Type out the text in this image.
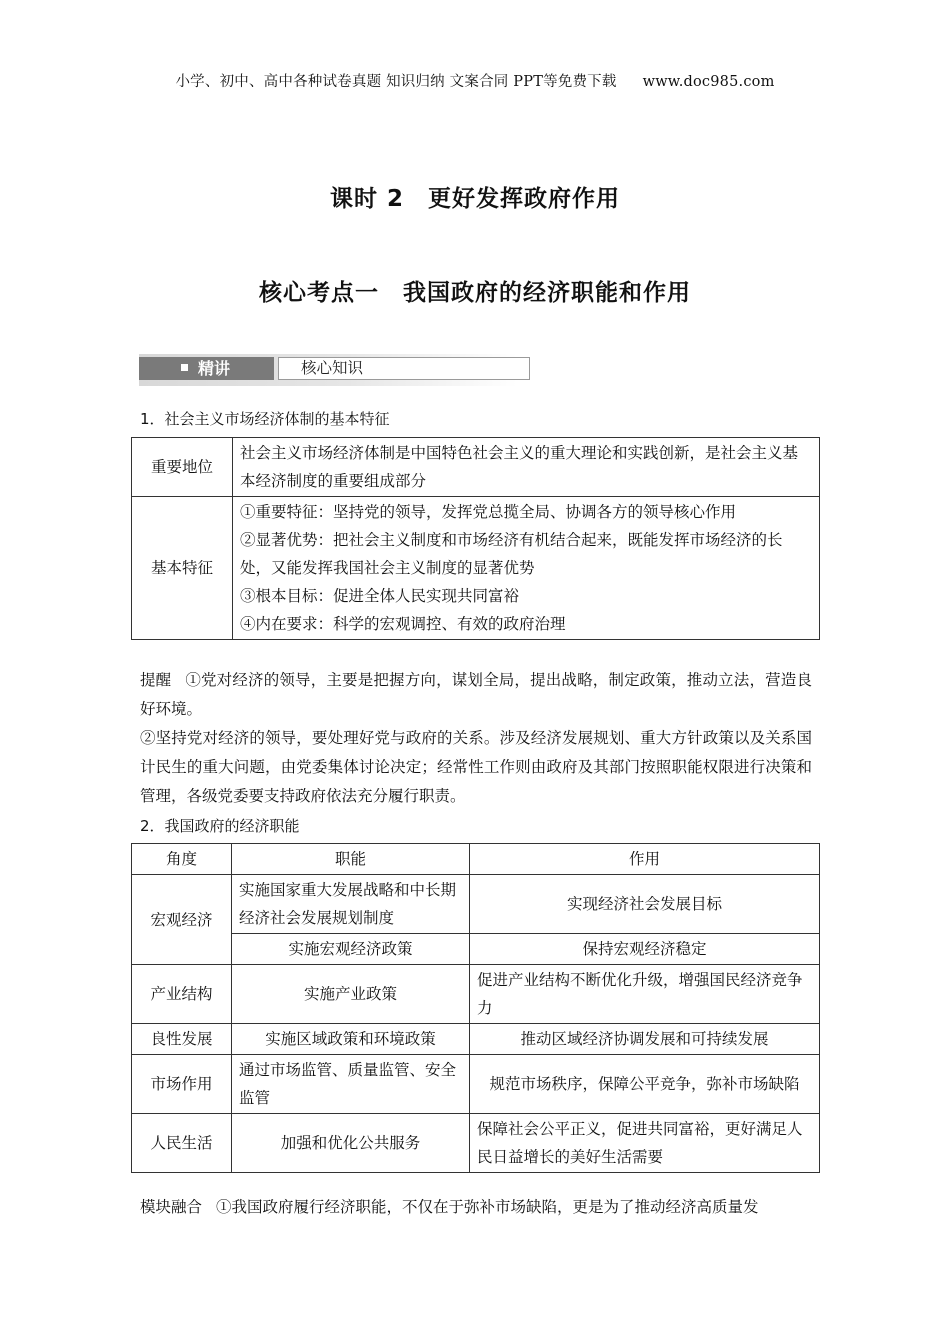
小学、初中、高中各种试卷真题 知识归纳 文案合同 PPT等免费下载 www.doc985.com
课时 2 更好发挥政府作用
核心考点一 我国政府的经济职能和作用
精讲	核心知识
1．社会主义市场经济体制的基本特征
重要地位	社会主义市场经济体制是中国特色社会主义的重大理论和实践创新，是社会主义基本经济制度的重要组成部分
基本特征	①重要特征：坚持党的领导，发挥党总揽全局、协调各方的领导核心作用
②显著优势：把社会主义制度和市场经济有机结合起来，既能发挥市场经济的长处，又能发挥我国社会主义制度的显著优势
③根本目标：促进全体人民实现共同富裕
④内在要求：科学的宏观调控、有效的政府治理
提醒 ①党对经济的领导，主要是把握方向，谋划全局，提出战略，制定政策，推动立法，营造良好环境。
②坚持党对经济的领导，要处理好党与政府的关系。涉及经济发展规划、重大方针政策以及关系国计民生的重大问题，由党委集体讨论决定；经常性工作则由政府及其部门按照职能权限进行决策和管理，各级党委要支持政府依法充分履行职责。
2．我国政府的经济职能
角度	职能	作用
宏观经济	实施国家重大发展战略和中长期经济社会发展规划制度	实现经济社会发展目标
	实施宏观经济政策	保持宏观经济稳定
产业结构	实施产业政策	促进产业结构不断优化升级，增强国民经济竞争力
良性发展	实施区域政策和环境政策	推动区域经济协调发展和可持续发展
市场作用	通过市场监管、质量监管、安全监管	规范市场秩序，保障公平竞争，弥补市场缺陷
人民生活	加强和优化公共服务	保障社会公平正义，促进共同富裕，更好满足人民日益增长的美好生活需要
模块融合 ①我国政府履行经济职能，不仅在于弥补市场缺陷，更是为了推动经济高质量发
